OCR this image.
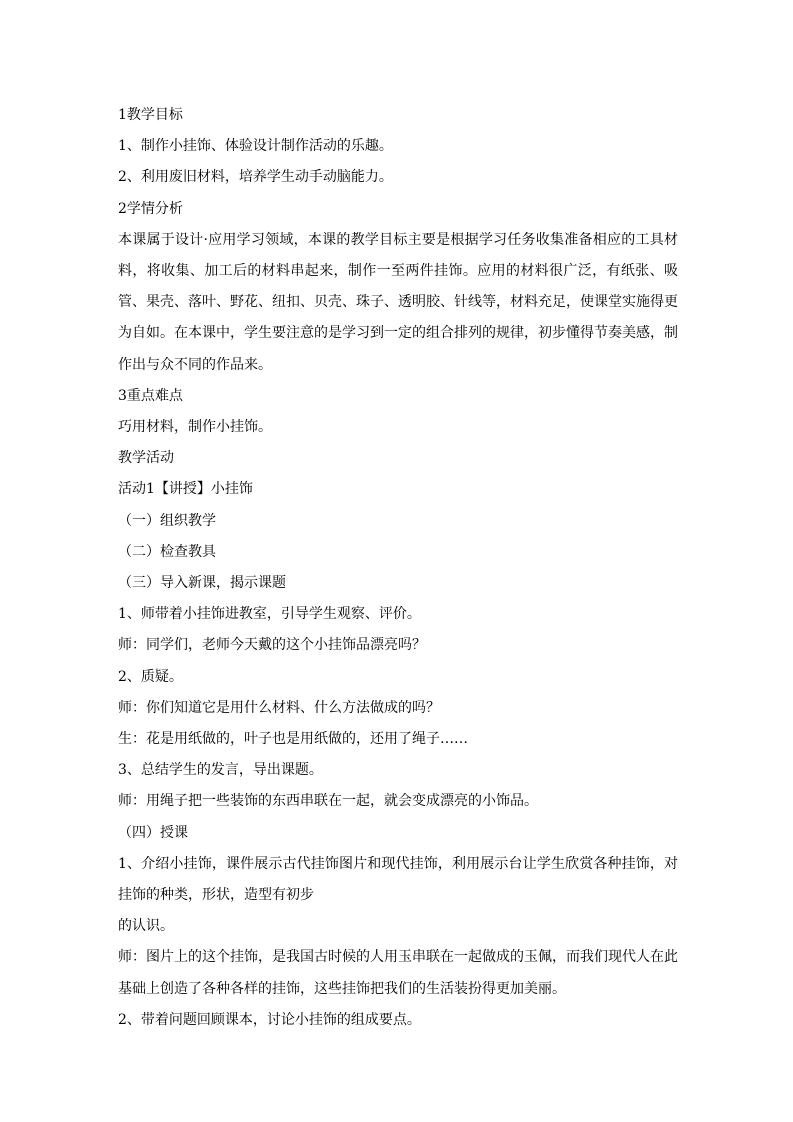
1教学目标
1、制作小挂饰、体验设计制作活动的乐趣。
2、利用废旧材料，培养学生动手动脑能力。
2学情分析
本课属于设计·应用学习领域，本课的教学目标主要是根据学习任务收集准备相应的工具材料，将收集、加工后的材料串起来，制作一至两件挂饰。应用的材料很广泛，有纸张、吸管、果壳、落叶、野花、纽扣、贝壳、珠子、透明胶、针线等，材料充足，使课堂实施得更为自如。在本课中，学生要注意的是学习到一定的组合排列的规律，初步懂得节奏美感，制作出与众不同的作品来。
3重点难点
巧用材料，制作小挂饰。
教学活动
活动1【讲授】小挂饰
（一）组织教学
（二）检查教具
（三）导入新课，揭示课题
1、师带着小挂饰进教室，引导学生观察、评价。
师：同学们，老师今天戴的这个小挂饰品漂亮吗？
2、质疑。
师：你们知道它是用什么材料、什么方法做成的吗？
生：花是用纸做的，叶子也是用纸做的，还用了绳子……
3、总结学生的发言，导出课题。
师：用绳子把一些装饰的东西串联在一起，就会变成漂亮的小饰品。
（四）授课
1、介绍小挂饰，课件展示古代挂饰图片和现代挂饰，利用展示台让学生欣赏各种挂饰，对挂饰的种类，形状，造型有初步
的认识。
师：图片上的这个挂饰，是我国古时候的人用玉串联在一起做成的玉佩，而我们现代人在此基础上创造了各种各样的挂饰，这些挂饰把我们的生活装扮得更加美丽。
2、带着问题回顾课本，讨论小挂饰的组成要点。
